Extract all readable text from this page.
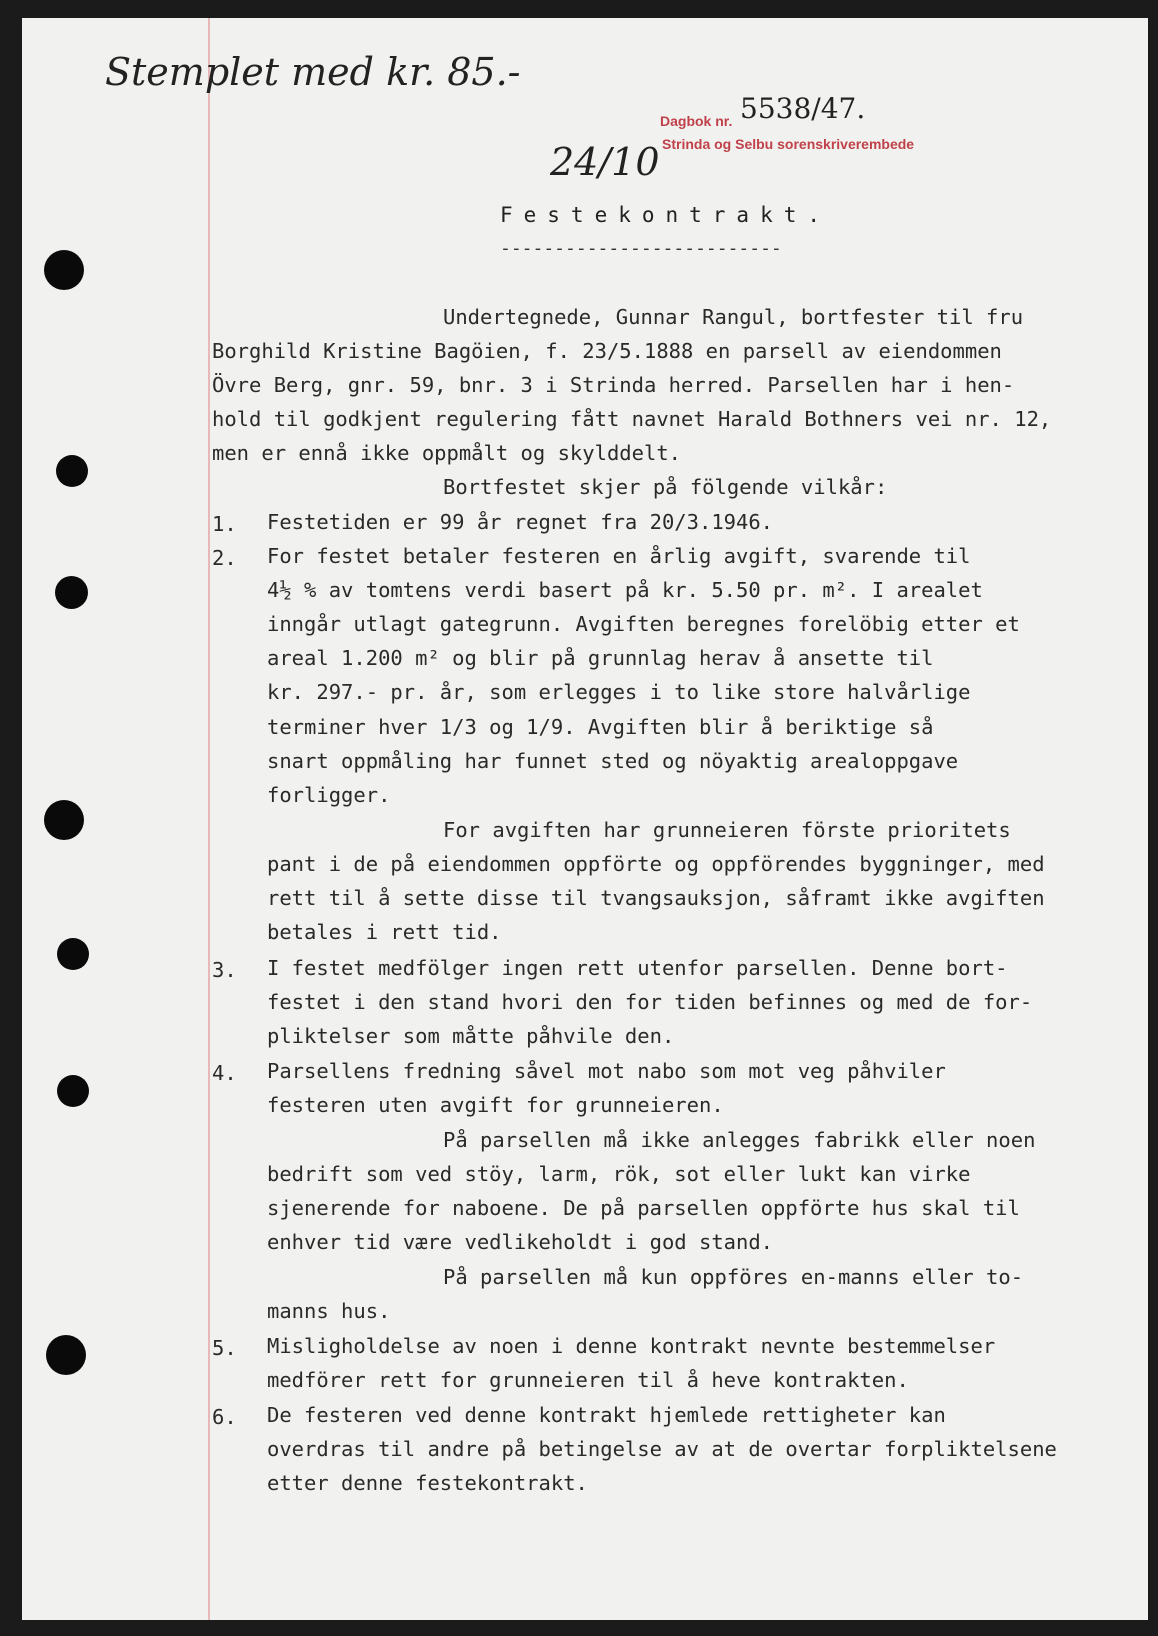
Stemplet med kr. 85.-
Dagbok nr. 5538/47.
Strinda og Selbu sorenskriverembede
24/10
Festekontrakt.
--------------------------
1.
2.
3.
4.
5.
6.
Undertegnede, Gunnar Rangul, bortfester til fru
Borghild Kristine Bagöien, f. 23/5.1888 en parsell av eiendommen
Övre Berg, gnr. 59, bnr. 3 i Strinda herred. Parsellen har i hen-
hold til godkjent regulering fått navnet Harald Bothners vei nr. 12,
men er ennå ikke oppmålt og skylddelt.
Bortfestet skjer på fölgende vilkår:
Festetiden er 99 år regnet fra 20/3.1946.
For festet betaler festeren en årlig avgift, svarende til
4½ % av tomtens verdi basert på kr. 5.50 pr. m². I arealet
inngår utlagt gategrunn. Avgiften beregnes forelöbig etter et
areal 1.200 m² og blir på grunnlag herav å ansette til
kr. 297.- pr. år, som erlegges i to like store halvårlige
terminer hver 1/3 og 1/9. Avgiften blir å beriktige så
snart oppmåling har funnet sted og nöyaktig arealoppgave
forligger.
For avgiften har grunneieren förste prioritets
pant i de på eiendommen oppförte og oppförendes byggninger, med
rett til å sette disse til tvangsauksjon, såframt ikke avgiften
betales i rett tid.
I festet medfölger ingen rett utenfor parsellen. Denne bort-
festet i den stand hvori den for tiden befinnes og med de for-
pliktelser som måtte påhvile den.
Parsellens fredning såvel mot nabo som mot veg påhviler
festeren uten avgift for grunneieren.
På parsellen må ikke anlegges fabrikk eller noen
bedrift som ved stöy, larm, rök, sot eller lukt kan virke
sjenerende for naboene. De på parsellen oppförte hus skal til
enhver tid være vedlikeholdt i god stand.
På parsellen må kun oppföres en-manns eller to-
manns hus.
Misligholdelse av noen i denne kontrakt nevnte bestemmelser
medförer rett for grunneieren til å heve kontrakten.
De festeren ved denne kontrakt hjemlede rettigheter kan
overdras til andre på betingelse av at de overtar forpliktelsene
etter denne festekontrakt.
